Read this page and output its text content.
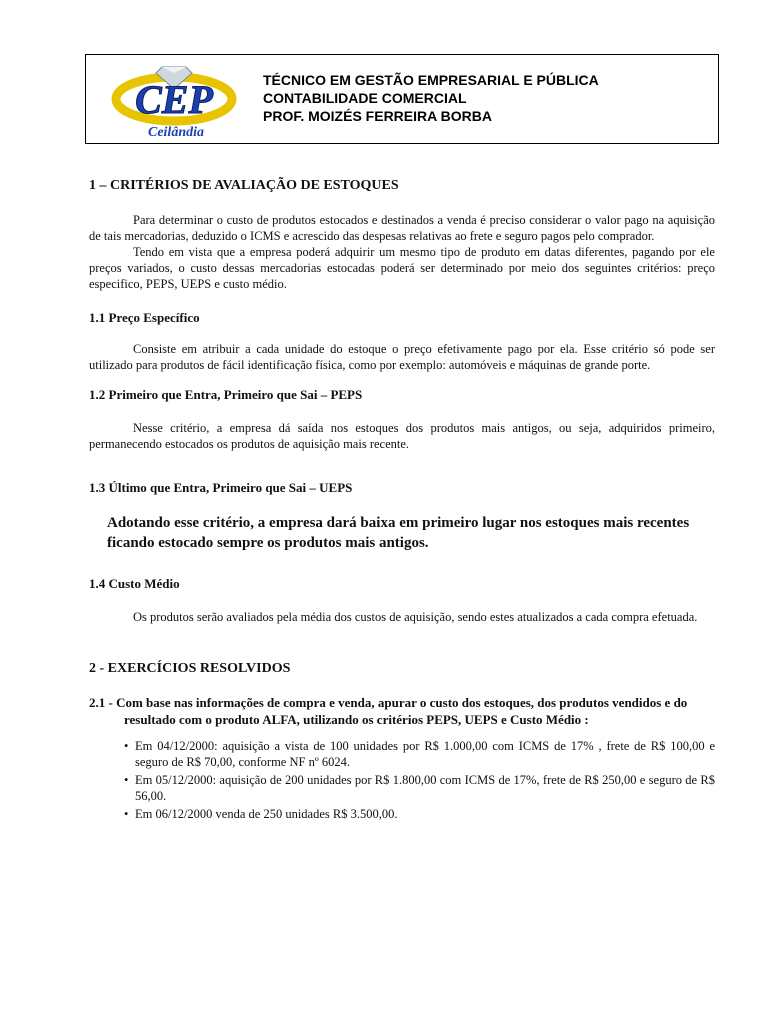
CEP
Ceilândia
TÉCNICO EM GESTÃO EMPRESARIAL E PÚBLICA
CONTABILIDADE COMERCIAL
PROF. MOIZÉS FERREIRA BORBA

1 – CRITÉRIOS DE AVALIAÇÃO DE ESTOQUES

Para determinar o custo de produtos estocados e destinados a venda é preciso considerar o valor pago na aquisição de tais mercadorias, deduzido o ICMS e acrescido das despesas relativas ao frete e seguro pagos pelo comprador.

Tendo em vista que a empresa poderá adquirir um mesmo tipo de produto em datas diferentes, pagando por ele preços variados, o custo dessas mercadorias estocadas poderá ser determinado por meio dos seguintes critérios: preço especifico, PEPS, UEPS e custo médio.

1.1 Preço Específico

Consiste em atribuir a cada unidade do estoque o preço efetivamente pago por ela. Esse critério só pode ser utilizado para produtos de fácil identificação física, como por exemplo: automóveis e máquinas de grande porte.

1.2 Primeiro que Entra, Primeiro que Sai – PEPS

Nesse critério, a empresa dá saída nos estoques dos produtos mais antigos, ou seja, adquiridos primeiro, permanecendo estocados os produtos de aquisição mais recente.

1.3 Último que Entra, Primeiro que Sai – UEPS

Adotando esse critério, a empresa dará baixa em primeiro lugar nos estoques mais recentes ficando estocado sempre os produtos mais antigos.

1.4 Custo Médio

Os produtos serão avaliados pela média dos custos de aquisição, sendo estes atualizados a cada compra efetuada.

2 - EXERCÍCIOS RESOLVIDOS

2.1 - Com base nas informações de compra e venda, apurar o custo dos estoques, dos produtos vendidos e do resultado com o produto ALFA, utilizando os critérios PEPS, UEPS e Custo Médio :

• Em 04/12/2000: aquisição a vista de 100 unidades por R$ 1.000,00 com ICMS de 17% , frete de R$ 100,00 e seguro de R$ 70,00, conforme NF nº 6024.
• Em 05/12/2000: aquisição de 200 unidades por R$ 1.800,00 com ICMS de 17%, frete de R$ 250,00 e seguro de R$ 56,00.
• Em 06/12/2000 venda de 250 unidades R$ 3.500,00.
